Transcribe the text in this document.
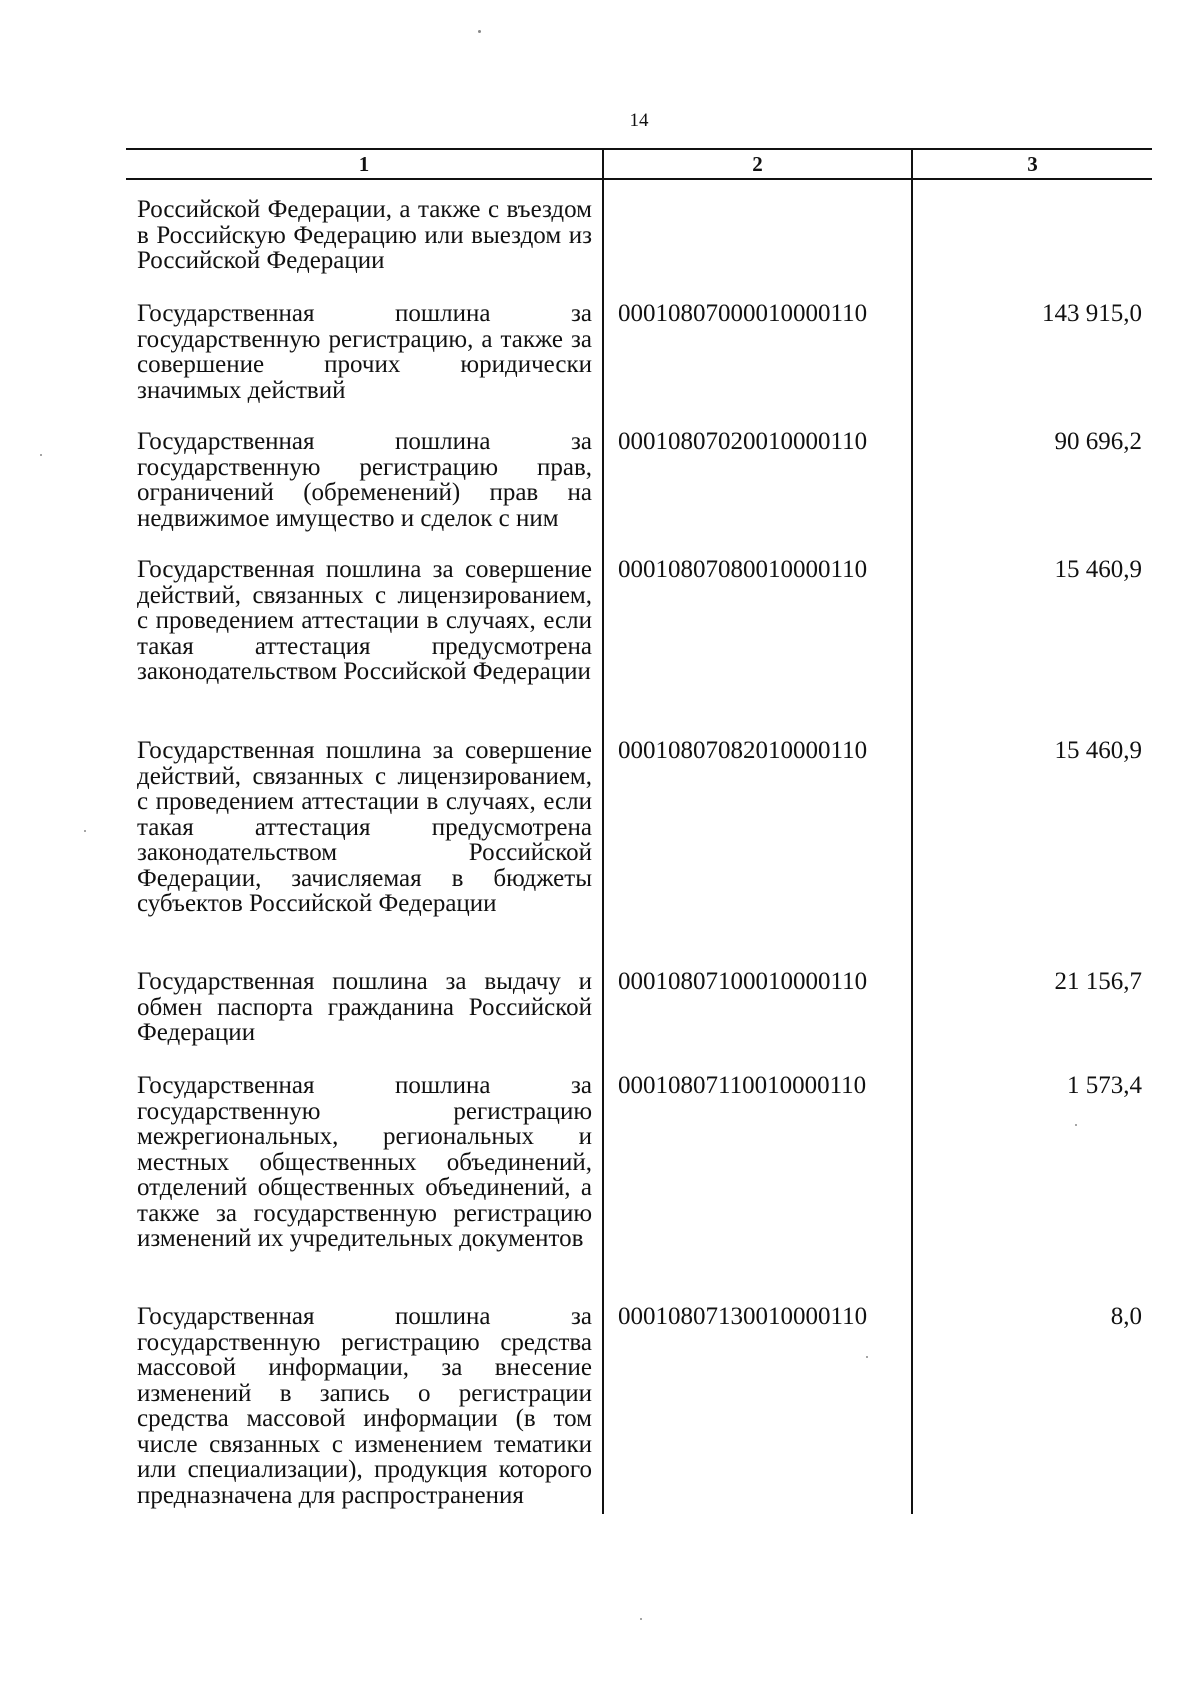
14
1	2	3
Российской Федерации, а также с въездом в Российскую Федерацию или выездом из Российской Федерации
Государственная пошлина за государственную регистрацию, а также за совершение прочих юридически значимых действий
00010807000010000110	143 915,0
Государственная пошлина за государственную регистрацию прав, ограничений (обременений) прав на недвижимое имущество и сделок с ним
00010807020010000110	90 696,2
Государственная пошлина за совершение действий, связанных с лицензированием, с проведением аттестации в случаях, если такая аттестация предусмотрена законодательством Российской Федерации
00010807080010000110	15 460,9
Государственная пошлина за совершение действий, связанных с лицензированием, с проведением аттестации в случаях, если такая аттестация предусмотрена законодательством Российской Федерации, зачисляемая в бюджеты субъектов Российской Федерации
00010807082010000110	15 460,9
Государственная пошлина за выдачу и обмен паспорта гражданина Российской Федерации
00010807100010000110	21 156,7
Государственная пошлина за государственную регистрацию межрегиональных, региональных и местных общественных объединений, отделений общественных объединений, а также за государственную регистрацию изменений их учредительных документов
00010807110010000110	1 573,4
Государственная пошлина за государственную регистрацию средства массовой информации, за внесение изменений в запись о регистрации средства массовой информации (в том числе связанных с изменением тематики или специализации), продукция которого предназначена для распространения
00010807130010000110	8,0
